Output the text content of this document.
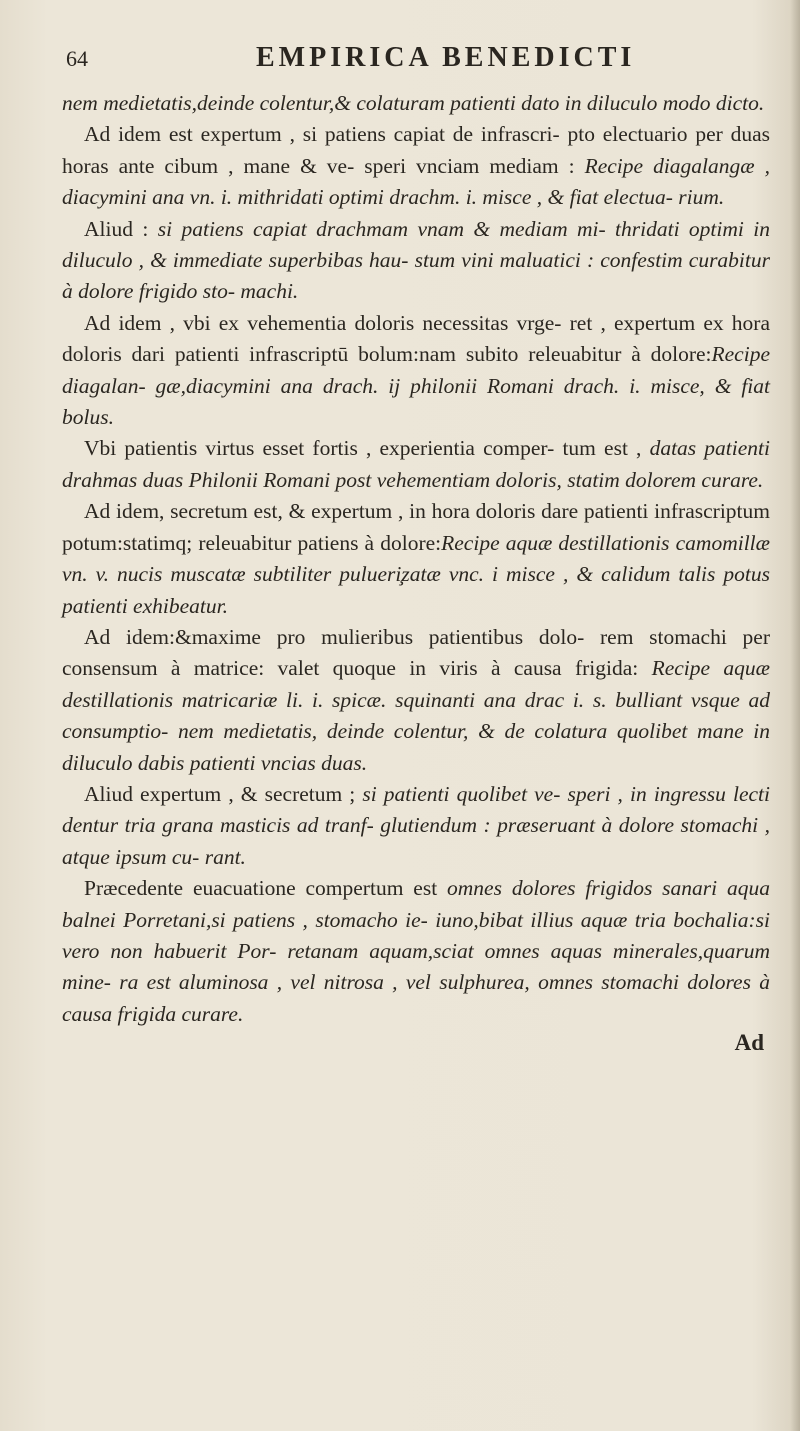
64	EMPIRICA BENEDICTI

nem medietatis,deinde colentur,& colaturam patienti dato in diluculo modo dicto.

Ad idem est expertum , si patiens capiat de infrascri- pto electuario per duas horas ante cibum , mane & ve- speri vnciam mediam : Recipe diagalangæ , diacymini ana vn. i. mithridati optimi drachm. i. misce , & fiat electua- rium.

Aliud : si patiens capiat drachmam vnam & mediam mi- thridati optimi in diluculo , & immediate superbibas hau- stum vini maluatici : confestim curabitur à dolore frigido sto- machi.

Ad idem , vbi ex vehementia doloris necessitas vrge- ret , expertum ex hora doloris dari patienti infrascriptū bolum:nam subito releuabitur à dolore:Recipe diagalan- gæ,diacymini ana drach. ij philonii Romani drach. i. misce, & fiat bolus.

Vbi patientis virtus esset fortis , experientia comper- tum est , datas patienti drahmas duas Philonii Romani post vehementiam doloris, statim dolorem curare.

Ad idem, secretum est, & expertum , in hora doloris dare patienti infrascriptum potum:statimq; releuabitur patiens à dolore:Recipe aquæ destillationis camomillæ vn. v. nucis muscatæ subtiliter pulueri̧zatæ vnc. i misce , & calidum talis potus patienti exhibeatur.

Ad idem:&maxime pro mulieribus patientibus dolo- rem stomachi per consensum à matrice: valet quoque in viris à causa frigida: Recipe aquæ destillationis matricariæ li. i. spicæ. squinanti ana drac i. s. bulliant vsque ad consumptio- nem medietatis, deinde colentur, & de colatura quolibet mane in diluculo dabis patienti vncias duas.

Aliud expertum , & secretum ; si patienti quolibet ve- speri , in ingressu lecti dentur tria grana masticis ad tranf- glutiendum : præseruant à dolore stomachi , atque ipsum cu- rant.

Præcedente euacuatione compertum est omnes dolores frigidos sanari aqua balnei Porretani,si patiens , stomacho ie- iuno,bibat illius aquæ tria bochalia:si vero non habuerit Por- retanam aquam,sciat omnes aquas minerales,quarum mine- ra est aluminosa , vel nitrosa , vel sulphurea, omnes stomachi dolores à causa frigida curare.

Ad
